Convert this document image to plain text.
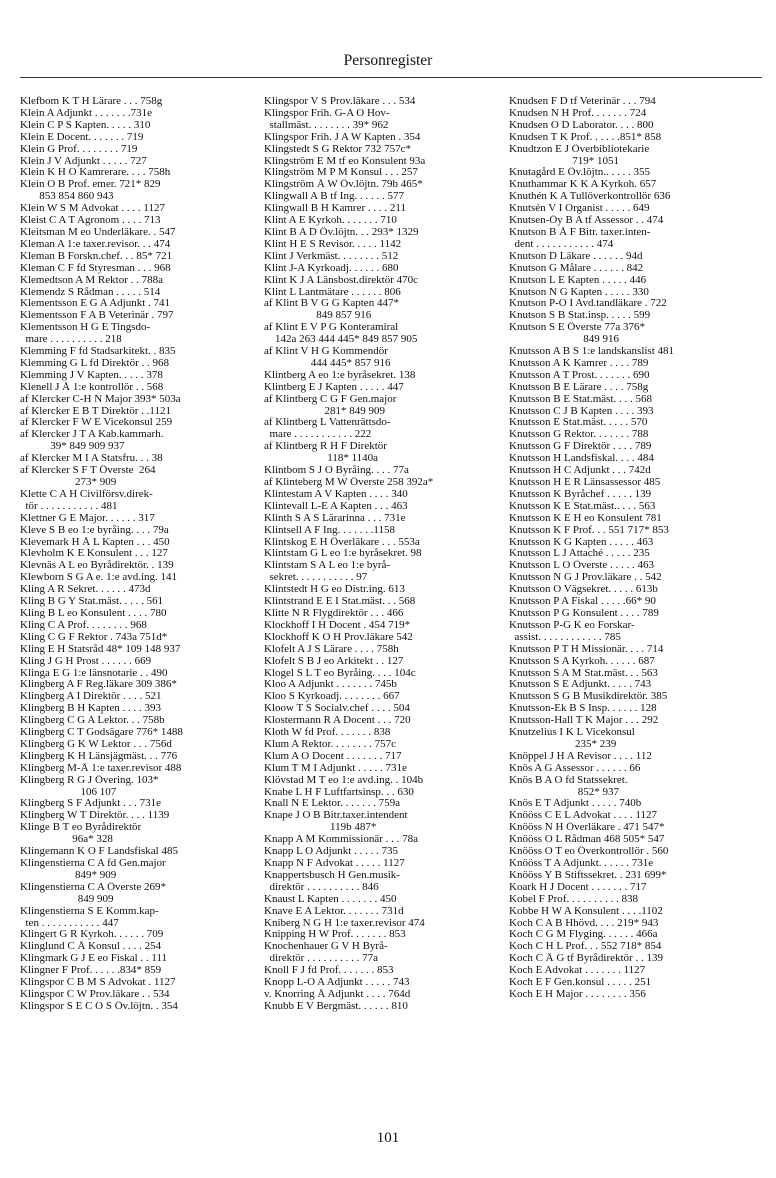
Personregister
Klefbom K T H Lärare . . . 758g
Klein A Adjunkt . . . . . . .731e
Klein C P S Kapten. . . . . 310
Klein E Docent. . . . . . . 719
Klein G Prof. . . . . . . . 719
Klein J V Adjunkt . . . . . 727
Klein K H O Kamrerare. . . . 758h
Klein O B Prof. emer. 721* 829
853 854 860 943
Klein W S M Advokat . . . . 1127
Kleist C A T Agronom . . . . 713
Kleitsman M eo Underläkare. . 547
Kleman A 1:e taxer.revisor. . . 474
Kleman B Forskn.chef. . . 85* 721
Kleman C F fd Styresman . . . 968
Klemedtson A M Rektor . . 788a
Klemendz S Rådman . . . . . 514
Klementsson E G A Adjunkt . 741
Klementsson F A B Veterinär . 797
Klementsson H G E Tingsdo-
mare . . . . . . . . . . 218
Klemming F fd Stadsarkitekt. . 835
Klemming G L fd Direktör . . 968
Klemming J V Kapten. . . . . 378
Klenell J Å 1:e kontrollör . . 568
af Klercker C-H N Major 393* 503a
af Klercker E B T Direktör . .1121
af Klercker F W E Vicekonsul 259
af Klercker J T A Kab.kammarh.
39* 849 909 937
af Klercker M I A Statsfru. . . 38
af Klercker S F T Överste  264
273* 909
Klette C A H Civilförsv.direk-
tör . . . . . . . . . . . 481
Klettner G E Major. . . . . . 317
Kleve S B eo 1:e byråing. . . . 79a
Klevemark H Å L Kapten . . . 450
Klevholm K E Konsulent . . . 127
Klevnäs A L eo Byrådirektör. . 139
Klewborn S G A e. 1:e avd.ing. 141
Kling A R Sekret. . . . . . 473d
Kling B G Y Stat.mäst. . . . . 561
Kling B L eo Konsulent . . . . 780
Kling C A Prof. . . . . . . . 968
Kling C G F Rektor . 743a 751d*
Kling E H Statsråd 48* 109 148 937
Kling J G H Prost . . . . . . 669
Klinga E G 1:e länsnotarie . . 490
Klingberg A F Reg.läkare 309 386*
Klingberg A I Direktör . . . . 521
Klingberg B H Kapten . . . . 393
Klingberg C G A Lektor. . . 758b
Klingberg C T Godsägare 776* 1488
Klingberg G K W Lektor . . . 756d
Klingberg K H Länsjägmäst. . . 776
Klingberg M-Å 1:e taxer.revisor 488
Klingberg R G J Övering. 103*
106 107
Klingberg S F Adjunkt . . . 731e
Klingberg W T Direktör. . . . 1139
Klinge B T eo Byrådirektör
96a* 328
Klingemann K O F Landsfiskal 485
Klingenstierna C A fd Gen.major
849* 909
Klingenstierna C A Överste 269*
849 909
Klingenstierna S E Komm.kap-
ten . . . . . . . . . . . 447
Klingert G R Kyrkoh. . . . . . 709
Klinglund C Å Konsul . . . . 254
Klingmark G J E eo Fiskal . . 111
Klingner F Prof. . . . . .834* 859
Klingspor C B M S Advokat . 1127
Klingspor C W Prov.läkare . . 534
Klingspor S E C O S Öv.löjtn. . 354
Klingspor V S Prov.läkare . . . 534
Klingspor Frih. G-A O Hov-
stallmäst. . . . . . . . 39* 962
Klingspor Frih. J A W Kapten . 354
Klingstedt S G Rektor 732 757c*
Klingström E M tf eo Konsulent 93a
Klingström M P M Konsul . . . 257
Klingström Å W Öv.löjtn. 79b 465*
Klingwall A B tf Ing. . . . . . 577
Klingwall B H Kamrer . . . . 211
Klint A E Kyrkoh. . . . . . . 710
Klint B A D Öv.löjtn. . . 293* 1329
Klint H E S Revisor. . . . . 1142
Klint J Verkmäst. . . . . . . . 512
Klint J-A Kyrkoadj. . . . . . 680
Klint K J A Länsbost.direktör 470c
Klint L Lantmätare . . . . . . 806
af Klint B V G G Kapten 447*
849 857 916
af Klint E V P G Konteramiral
142a 263 444 445* 849 857 905
af Klint V H G Kommendör
444 445* 857 916
Klintberg A eo 1:e byråsekret. 138
Klintberg E J Kapten . . . . . 447
af Klintberg C G F Gen.major
281* 849 909
af Klintberg L Vattenrättsdo-
mare . . . . . . . . . . . 222
af Klintberg R H F Direktör
118* 1140a
Klintbom S J O Byråing. . . . 77a
af Klinteberg M W Överste 258 392a*
Klintestam A V Kapten . . . . 340
Klintevall L-E A Kapten . . . 463
Klinth S A S Lärarinna . . . 731e
Klintsell A F Ing. . . . . . .1158
Klintskog E H Överläkare . . . 553a
Klintstam G L eo 1:e byråsekret. 98
Klintstam S A L eo 1:e byrå-
sekret. . . . . . . . . . . 97
Klintstedt H G eo Distr.ing. 613
Klintstrand E E I Stat.mäst. . . 568
Klitte N R Flygdirektör . . . 466
Klockhoff I H Docent . 454 719*
Klockhoff K O H Prov.läkare 542
Klofelt A J S Lärare . . . . 758h
Klofelt S B J eo Arkitekt . . 127
Klogel S L T eo Byråing. . . . 104c
Kloo A Adjunkt . . . . . . . 745b
Kloo S Kyrkoadj. . . . . . . . 667
Kloow T S Socialv.chef . . . . 504
Klostermann R A Docent . . . 720
Kloth W fd Prof. . . . . . . 838
Klum A Rektor. . . . . . . . 757c
Klum A O Docent . . . . . . . 717
Klum T M I Adjunkt . . . . . 731e
Klövstad M T eo 1:e avd.ing. . 104b
Knabe L H F Luftfartsinsp. . . 630
Knall N E Lektor. . . . . . . 759a
Knape J O B Bitr.taxer.intendent
119b 487*
Knapp A M Kommissionär . . . 78a
Knapp L O Adjunkt . . . . . 735
Knapp N F Advokat . . . . . 1127
Knappertsbusch H Gen.musik-
direktör . . . . . . . . . . 846
Knaust L Kapten . . . . . . . 450
Knave E A Lektor. . . . . . . 731d
Kniberg N G H 1:e taxer.revisor 474
Knipping H W Prof. . . . . . . 853
Knochenhauer G V H Byrå-
direktör . . . . . . . . . . 77a
Knoll F J fd Prof. . . . . . . 853
Knopp L-O A Adjunkt . . . . . 743
v. Knorring Å Adjunkt . . . . 764d
Knubb E V Bergmäst. . . . . . 810
Knudsen F D tf Veterinär . . . 794
Knudsen N H Prof. . . . . . . 724
Knudsen O D Laborator. . . . 800
Knudsen T K Prof. . . . . .851* 858
Knudtzon E J Överbibliotekarie
719* 1051
Knutagård E Öv.löjtn.. . . . . 355
Knuthammar K K A Kyrkoh. 657
Knuthén K A Tullöverkontrollör 636
Knutsén V I Organist . . . . . 649
Knutsen-Öy B A tf Assessor . . 474
Knutson B Å F Bitr. taxer.inten-
dent . . . . . . . . . . . 474
Knutson D Läkare . . . . . . 94d
Knutson G Målare . . . . . . 842
Knutson L E Kapten . . . . . 446
Knutson N G Kapten . . . . . 330
Knutson P-O I Avd.tandläkare . 722
Knutson S B Stat.insp. . . . . 599
Knutson S E Överste 77a 376*
849 916
Knutsson A B S 1:e landskanslist 481
Knutsson A K Kamrer . . . . 789
Knutsson A T Prost. . . . . . . 690
Knutsson B E Lärare . . . . 758g
Knutsson B E Stat.mäst. . . . 568
Knutsson C J B Kapten . . . . 393
Knutsson E Stat.mäst. . . . . 570
Knutsson G Rektor. . . . . . . 788
Knutsson G F Direktör . . . . 789
Knutsson H Landsfiskal. . . . 484
Knutsson H C Adjunkt . . . 742d
Knutsson H E R Länsassessor 485
Knutsson K Byråchef . . . . . 139
Knutsson K E Stat.mäst.. . . . 563
Knutsson K E H eo Konsulent 781
Knutsson K F Prof. . . 551 717* 853
Knutsson K G Kapten . . . . . 463
Knutsson L J Attaché . . . . . 235
Knutsson L O Överste . . . . . 463
Knutsson N G J Prov.läkare . . 542
Knutsson O Vägsekret. . . . . 613b
Knutsson P A Fiskal . . . . .66* 90
Knutsson P G Konsulent . . . . 789
Knutsson P-G K eo Forskar-
assist. . . . . . . . . . . . 785
Knutsson P T H Missionär. . . . 714
Knutsson S A Kyrkoh. . . . . . 687
Knutsson S A M Stat.mäst. . . 563
Knutsson S E Adjunkt. . . . . 743
Knutsson S G B Musikdirektör. 385
Knutsson-Ek B S Insp. . . . . . 128
Knutsson-Hall T K Major . . . 292
Knutzelius I K L Vicekonsul
235* 239
Knöppel J H A Revisor . . . . 112
Knös A G Assessor . . . . . . 66
Knös B A O fd Statssekret.
852* 937
Knös E T Adjunkt . . . . . 740b
Knööss C E L Advokat . . . . 1127
Knööss N H Överläkare . 471 547*
Knööss O L Rådman 468 505* 547
Knööss O T eo Överkontrollör . 560
Knööss T A Adjunkt. . . . . . 731e
Knööss Y B Stiftssekret. . 231 699*
Koark H J Docent . . . . . . . 717
Kobel F Prof. . . . . . . . . . 838
Kobbe H W A Konsulent . . . .1102
Koch C A B Hhövd. . . . 219* 943
Koch C G M Flyging. . . . . . 466a
Koch C H L Prof. . . 552 718* 854
Koch C Å G tf Byrådirektör . . 139
Koch E Advokat . . . . . . . 1127
Koch E F Gen.konsul . . . . . 251
Koch E H Major . . . . . . . . 356
101
